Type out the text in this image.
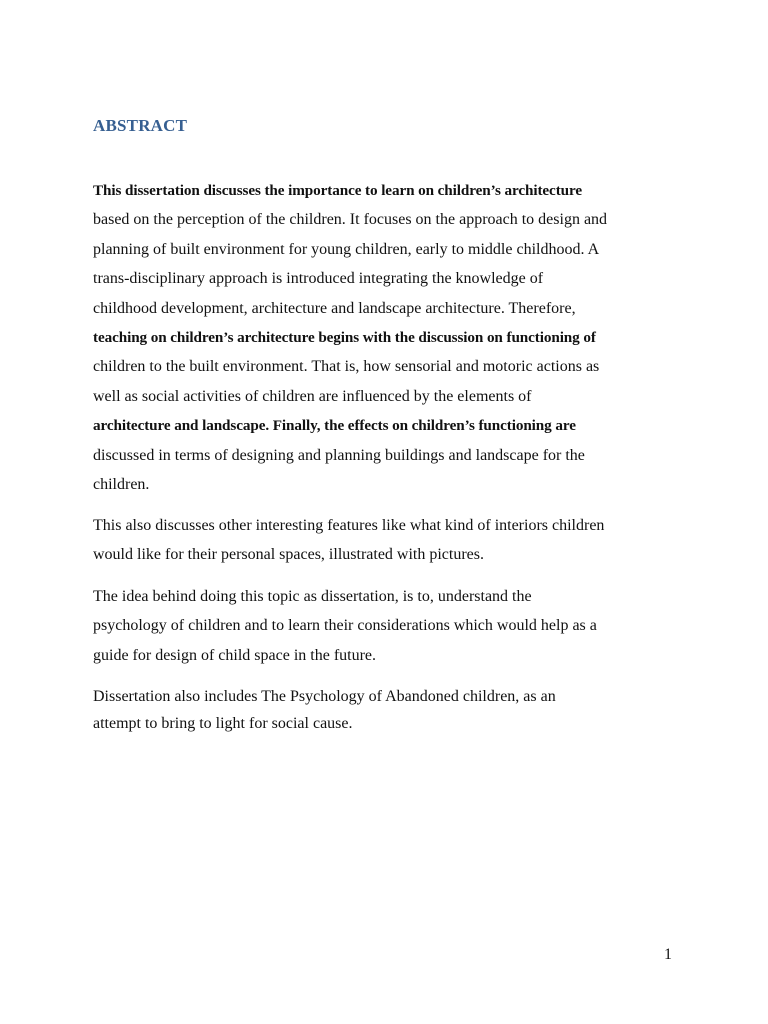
ABSTRACT
This dissertation discusses the importance to learn on children’s architecture
based on the perception of the children. It focuses on the approach to design and
planning of built environment for young children, early to middle childhood. A
trans-disciplinary approach is introduced integrating the knowledge of
childhood development, architecture and landscape architecture. Therefore,
teaching on children’s architecture begins with the discussion on functioning of
children to the built environment. That is, how sensorial and motoric actions as
well as social activities of children are influenced by the elements of
architecture and landscape. Finally, the effects on children’s functioning are
discussed in terms of designing and planning buildings and landscape for the
children.
This also discusses other interesting features like what kind of interiors children
would like for their personal spaces, illustrated with pictures.
The idea behind doing this topic as dissertation, is to, understand the
psychology of children and to learn their considerations which would help as a
guide for design of child space in the future.
Dissertation also includes The Psychology of Abandoned children, as an
attempt to bring to light for social cause.
1
